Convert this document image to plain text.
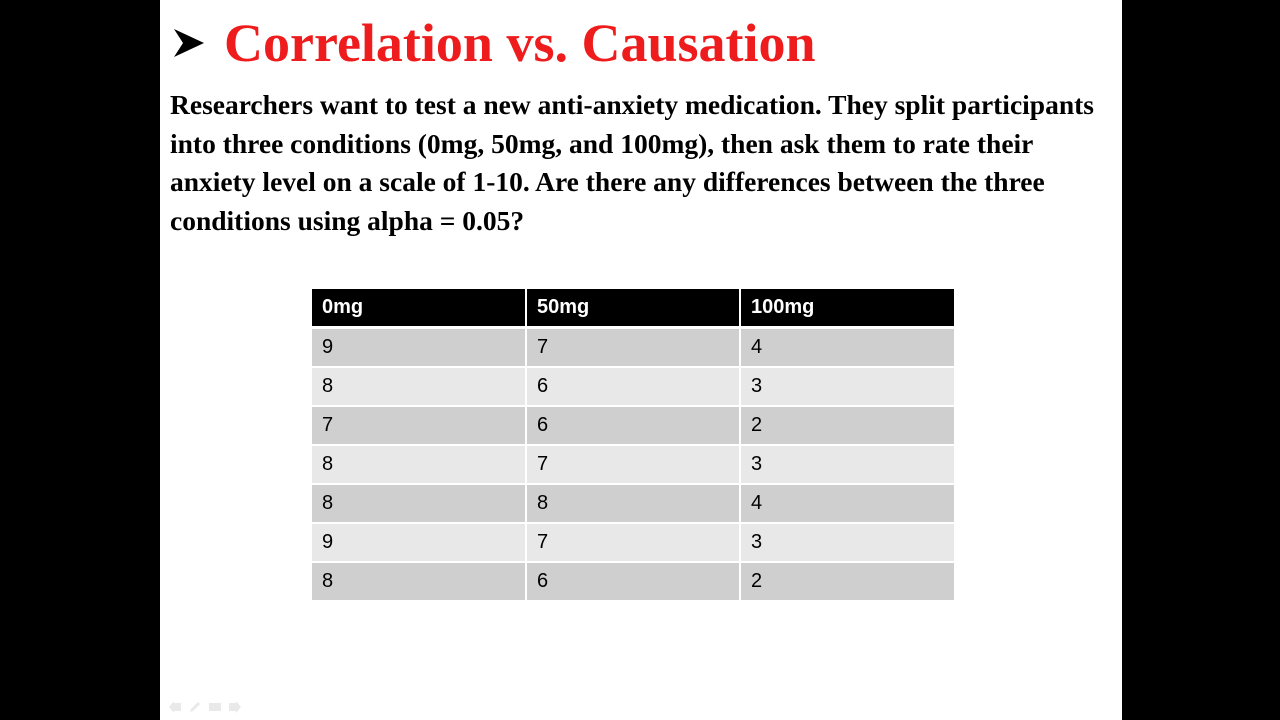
Correlation vs. Causation
Researchers want to test a new anti-anxiety medication. They split participants into three conditions (0mg, 50mg, and 100mg), then ask them to rate their anxiety level on a scale of 1-10. Are there any differences between the three conditions using alpha = 0.05?
0mg	50mg	100mg
9	7	4
8	6	3
7	6	2
8	7	3
8	8	4
9	7	3
8	6	2
